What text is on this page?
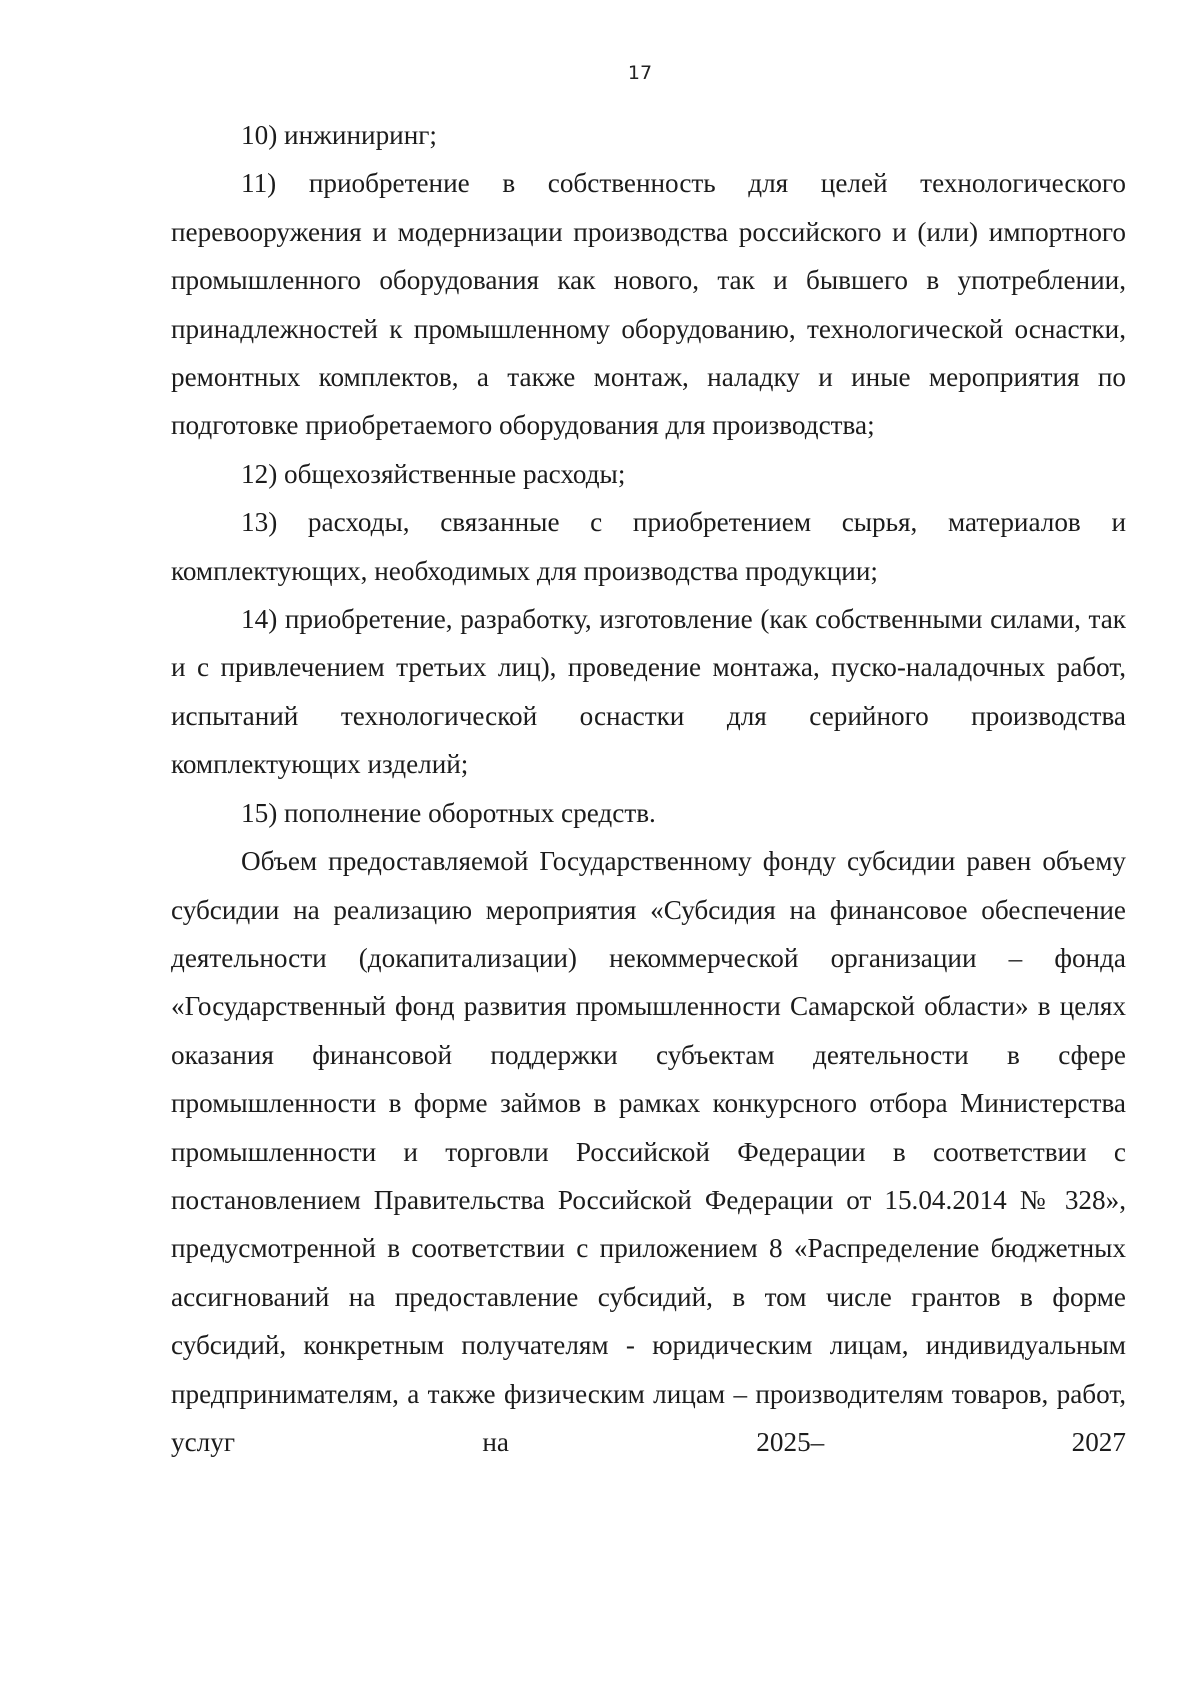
17

10) инжиниринг;

11) приобретение в собственность для целей технологического перевооружения и модернизации производства российского и (или) импортного промышленного оборудования как нового, так и бывшего в употреблении, принадлежностей к промышленному оборудованию, технологической оснастки, ремонтных комплектов, а также монтаж, наладку и иные мероприятия по подготовке приобретаемого оборудования для производства;

12) общехозяйственные расходы;

13) расходы, связанные с приобретением сырья, материалов и комплектующих, необходимых для производства продукции;

14) приобретение, разработку, изготовление (как собственными силами, так и с привлечением третьих лиц), проведение монтажа, пуско-наладочных работ, испытаний технологической оснастки для серийного производства комплектующих изделий;

15) пополнение оборотных средств.

Объем предоставляемой Государственному фонду субсидии равен объему субсидии на реализацию мероприятия «Субсидия на финансовое обеспечение деятельности (докапитализации) некоммерческой организации – фонда «Государственный фонд развития промышленности Самарской области» в целях оказания финансовой поддержки субъектам деятельности в сфере промышленности в форме займов в рамках конкурсного отбора Министерства промышленности и торговли Российской Федерации в соответствии с постановлением Правительства Российской Федерации от 15.04.2014 № 328», предусмотренной в соответствии с приложением 8 «Распределение бюджетных ассигнований на предоставление субсидий, в том числе грантов в форме субсидий, конкретным получателям - юридическим лицам, индивидуальным предпринимателям, а также физическим лицам – производителям товаров, работ, услуг на 2025– 2027
